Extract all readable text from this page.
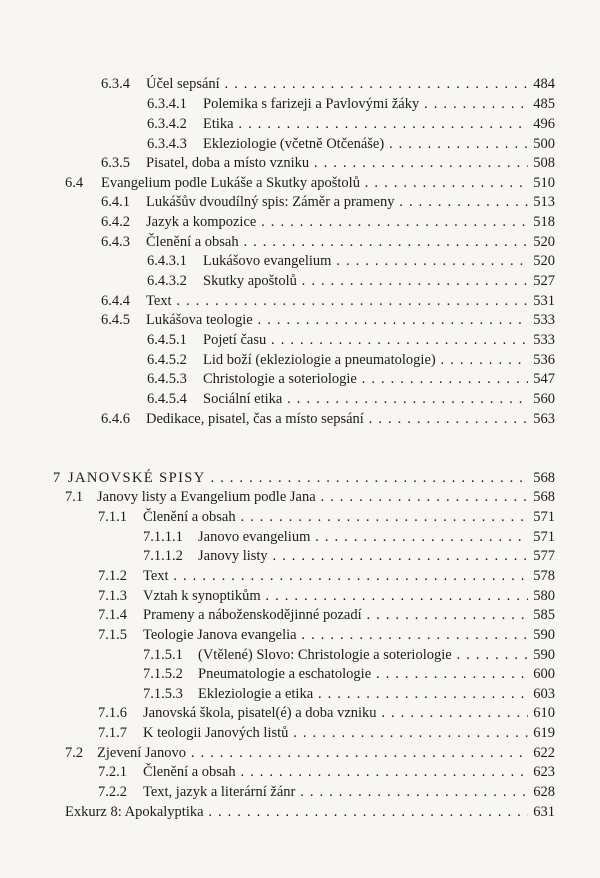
6.3.4 Účel sepsání . . .	484
6.3.4.1 Polemika s farizeji a Pavlovými žáky . . .	485
6.3.4.2 Etika . . .	496
6.3.4.3 Ekleziologie (včetně Otčenáše) . . .	500
6.3.5 Pisatel, doba a místo vzniku . . .	508
6.4 Evangelium podle Lukáše a Skutky apoštolů . . .	510
6.4.1 Lukášův dvoudílný spis: Záměr a prameny . . .	513
6.4.2 Jazyk a kompozice . . .	518
6.4.3 Členění a obsah . . .	520
6.4.3.1 Lukášovo evangelium . . .	520
6.4.3.2 Skutky apoštolů . . .	527
6.4.4 Text . . .	531
6.4.5 Lukášova teologie . . .	533
6.4.5.1 Pojetí času . . .	533
6.4.5.2 Lid boží (ekleziologie a pneumatologie) . . .	536
6.4.5.3 Christologie a soteriologie . . .	547
6.4.5.4 Sociální etika . . .	560
6.4.6 Dedikace, pisatel, čas a místo sepsání . . .	563
7 JANOVSKÉ SPISY . . .	568
7.1 Janovy listy a Evangelium podle Jana . . .	568
7.1.1 Členění a obsah . . .	571
7.1.1.1 Janovo evangelium . . .	571
7.1.1.2 Janovy listy . . .	577
7.1.2 Text . . .	578
7.1.3 Vztah k synoptikům . . .	580
7.1.4 Prameny a náboženskodějinné pozadí . . .	585
7.1.5 Teologie Janova evangelia . . .	590
7.1.5.1 (Vtělené) Slovo: Christologie a soteriologie . . .	590
7.1.5.2 Pneumatologie a eschatologie . . .	600
7.1.5.3 Ekleziologie a etika . . .	603
7.1.6 Janovská škola, pisatel(é) a doba vzniku . . .	610
7.1.7 K teologii Janových listů . . .	619
7.2 Zjevení Janovo . . .	622
7.2.1 Členění a obsah . . .	623
7.2.2 Text, jazyk a literární žánr . . .	628
Exkurz 8: Apokalyptika . . .	631
